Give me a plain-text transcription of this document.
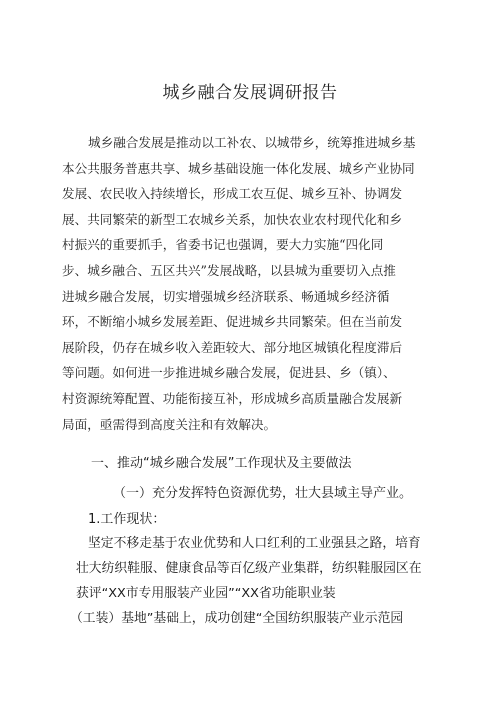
城乡融合发展调研报告
城乡融合发展是推动以工补农、以城带乡，统筹推进城乡基
本公共服务普惠共享、城乡基础设施一体化发展、城乡产业协同
发展、农民收入持续增长，形成工农互促、城乡互补、协调发
展、共同繁荣的新型工农城乡关系，加快农业农村现代化和乡
村振兴的重要抓手，省委书记也强调，要大力实施“四化同
步、城乡融合、五区共兴”发展战略，以县城为重要切入点推
进城乡融合发展，切实增强城乡经济联系、畅通城乡经济循
环，不断缩小城乡发展差距、促进城乡共同繁荣。但在当前发
展阶段，仍存在城乡收入差距较大、部分地区城镇化程度滞后
等问题。如何进一步推进城乡融合发展，促进县、乡（镇）、
村资源统筹配置、功能衔接互补，形成城乡高质量融合发展新
局面，亟需得到高度关注和有效解决。
一、推动“城乡融合发展”工作现状及主要做法
（一）充分发挥特色资源优势，壮大县域主导产业。
1.工作现状：
坚定不移走基于农业优势和人口红利的工业强县之路，培育
壮大纺织鞋服、健康食品等百亿级产业集群，纺织鞋服园区在
获评“XX市专用服装产业园”“XX省功能职业装
（工装）基地”基础上，成功创建“全国纺织服装产业示范园
